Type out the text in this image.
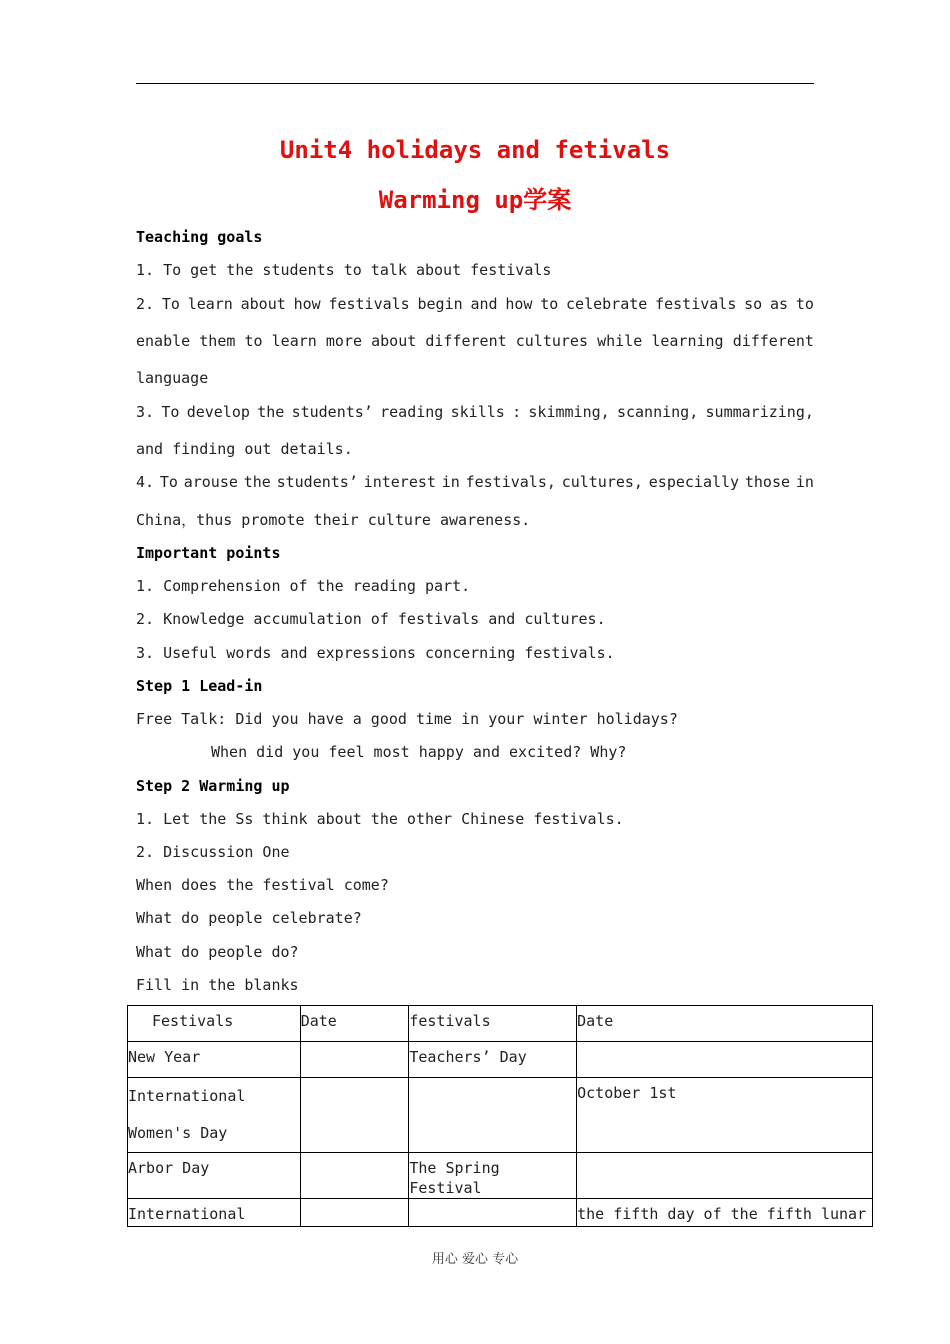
Unit4 holidays and fetivals
Warming up学案
Teaching goals
1. To get the students to talk about festivals
2. To learn about how festivals begin and how to celebrate festivals so as to
enable them to learn more about different cultures while learning different
language
3. To develop the students’ reading skills : skimming, scanning, summarizing,
and finding out details.
4. To arouse the students’ interest in festivals, cultures, especially those in
China，thus promote their culture awareness.
Important points
1. Comprehension of the reading part.
2. Knowledge accumulation of festivals and cultures.
3. Useful words and expressions concerning festivals.
Step 1 Lead-in
Free Talk: Did you have a good time in your winter holidays?
When did you feel most happy and excited? Why?
Step 2 Warming up
1. Let the Ss think about the other Chinese festivals.
2. Discussion One
When does the festival come?
What do people celebrate?
What do people do?
Fill in the blanks
Festivals	Date	festivals	Date
New Year		Teachers’ Day	
International
Women's Day			October 1st
Arbor Day		The Spring Festival	
International			the fifth day of the fifth lunar
用心 爱心 专心
